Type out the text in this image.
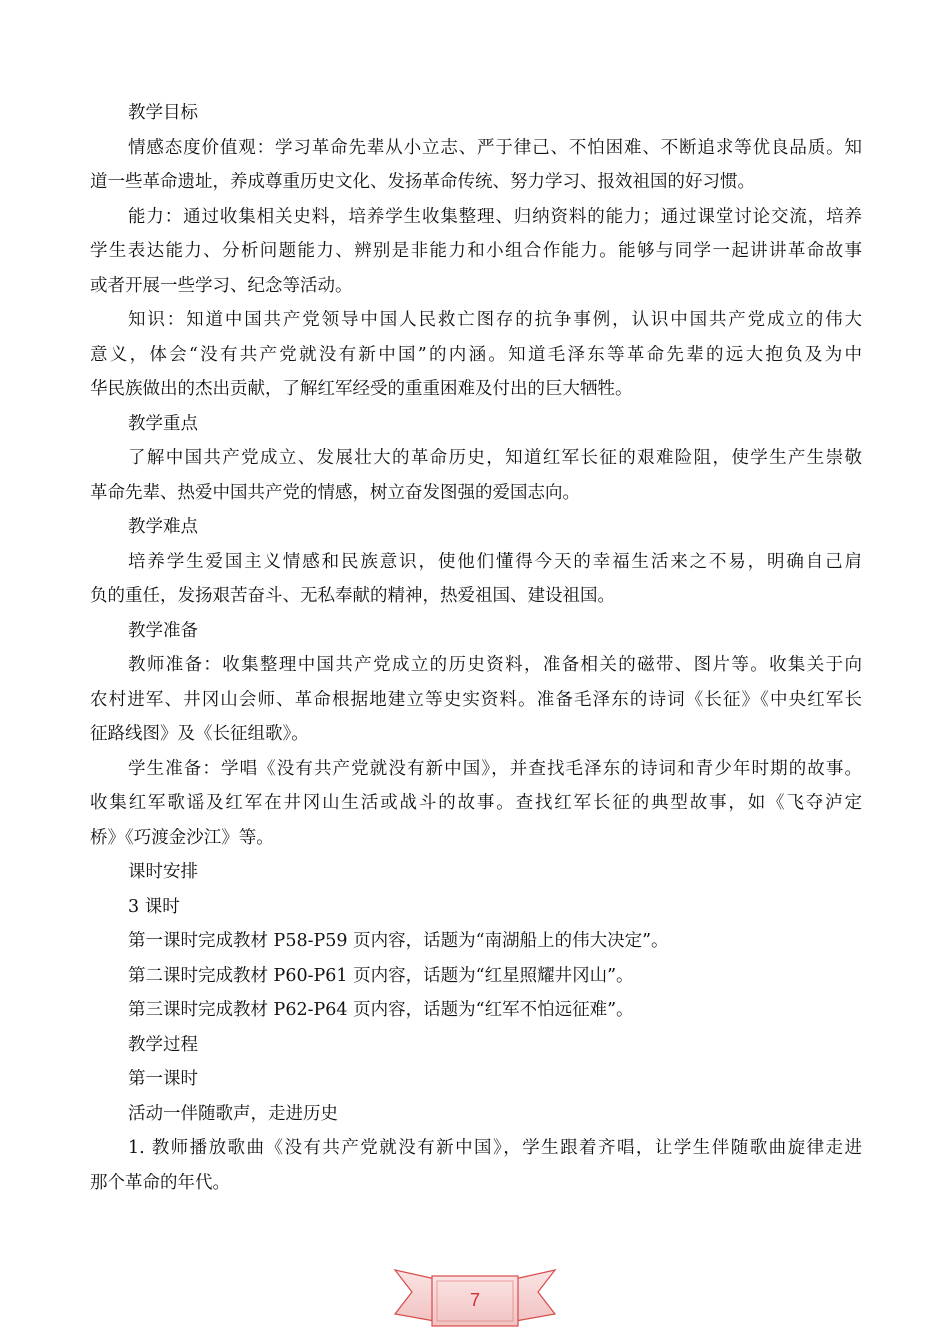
教学目标
情感态度价值观：学习革命先辈从小立志、严于律己、不怕困难、不断追求等优良品质。知
道一些革命遗址，养成尊重历史文化、发扬革命传统、努力学习、报效祖国的好习惯。
能力：通过收集相关史料，培养学生收集整理、归纳资料的能力；通过课堂讨论交流，培养
学生表达能力、分析问题能力、辨别是非能力和小组合作能力。能够与同学一起讲讲革命故事
或者开展一些学习、纪念等活动。
知识：知道中国共产党领导中国人民救亡图存的抗争事例，认识中国共产党成立的伟大
意义，体会“没有共产党就没有新中国”的内涵。知道毛泽东等革命先辈的远大抱负及为中
华民族做出的杰出贡献，了解红军经受的重重困难及付出的巨大牺牲。
教学重点
了解中国共产党成立、发展壮大的革命历史，知道红军长征的艰难险阻，使学生产生崇敬
革命先辈、热爱中国共产党的情感，树立奋发图强的爱国志向。
教学难点
培养学生爱国主义情感和民族意识，使他们懂得今天的幸福生活来之不易，明确自己肩
负的重任，发扬艰苦奋斗、无私奉献的精神，热爱祖国、建设祖国。
教学准备
教师准备：收集整理中国共产党成立的历史资料，准备相关的磁带、图片等。收集关于向
农村进军、井冈山会师、革命根据地建立等史实资料。准备毛泽东的诗词《长征》《中央红军长
征路线图》及《长征组歌》。
学生准备：学唱《没有共产党就没有新中国》，并查找毛泽东的诗词和青少年时期的故事。
收集红军歌谣及红军在井冈山生活或战斗的故事。查找红军长征的典型故事，如《飞夺泸定
桥》《巧渡金沙江》等。
课时安排
3 课时
第一课时完成教材 P58-P59 页内容，话题为“南湖船上的伟大决定”。
第二课时完成教材 P60-P61 页内容，话题为“红星照耀井冈山”。
第三课时完成教材 P62-P64 页内容，话题为“红军不怕远征难”。
教学过程
第一课时
活动一伴随歌声，走进历史
1. 教师播放歌曲《没有共产党就没有新中国》，学生跟着齐唱，让学生伴随歌曲旋律走进
那个革命的年代。
7
